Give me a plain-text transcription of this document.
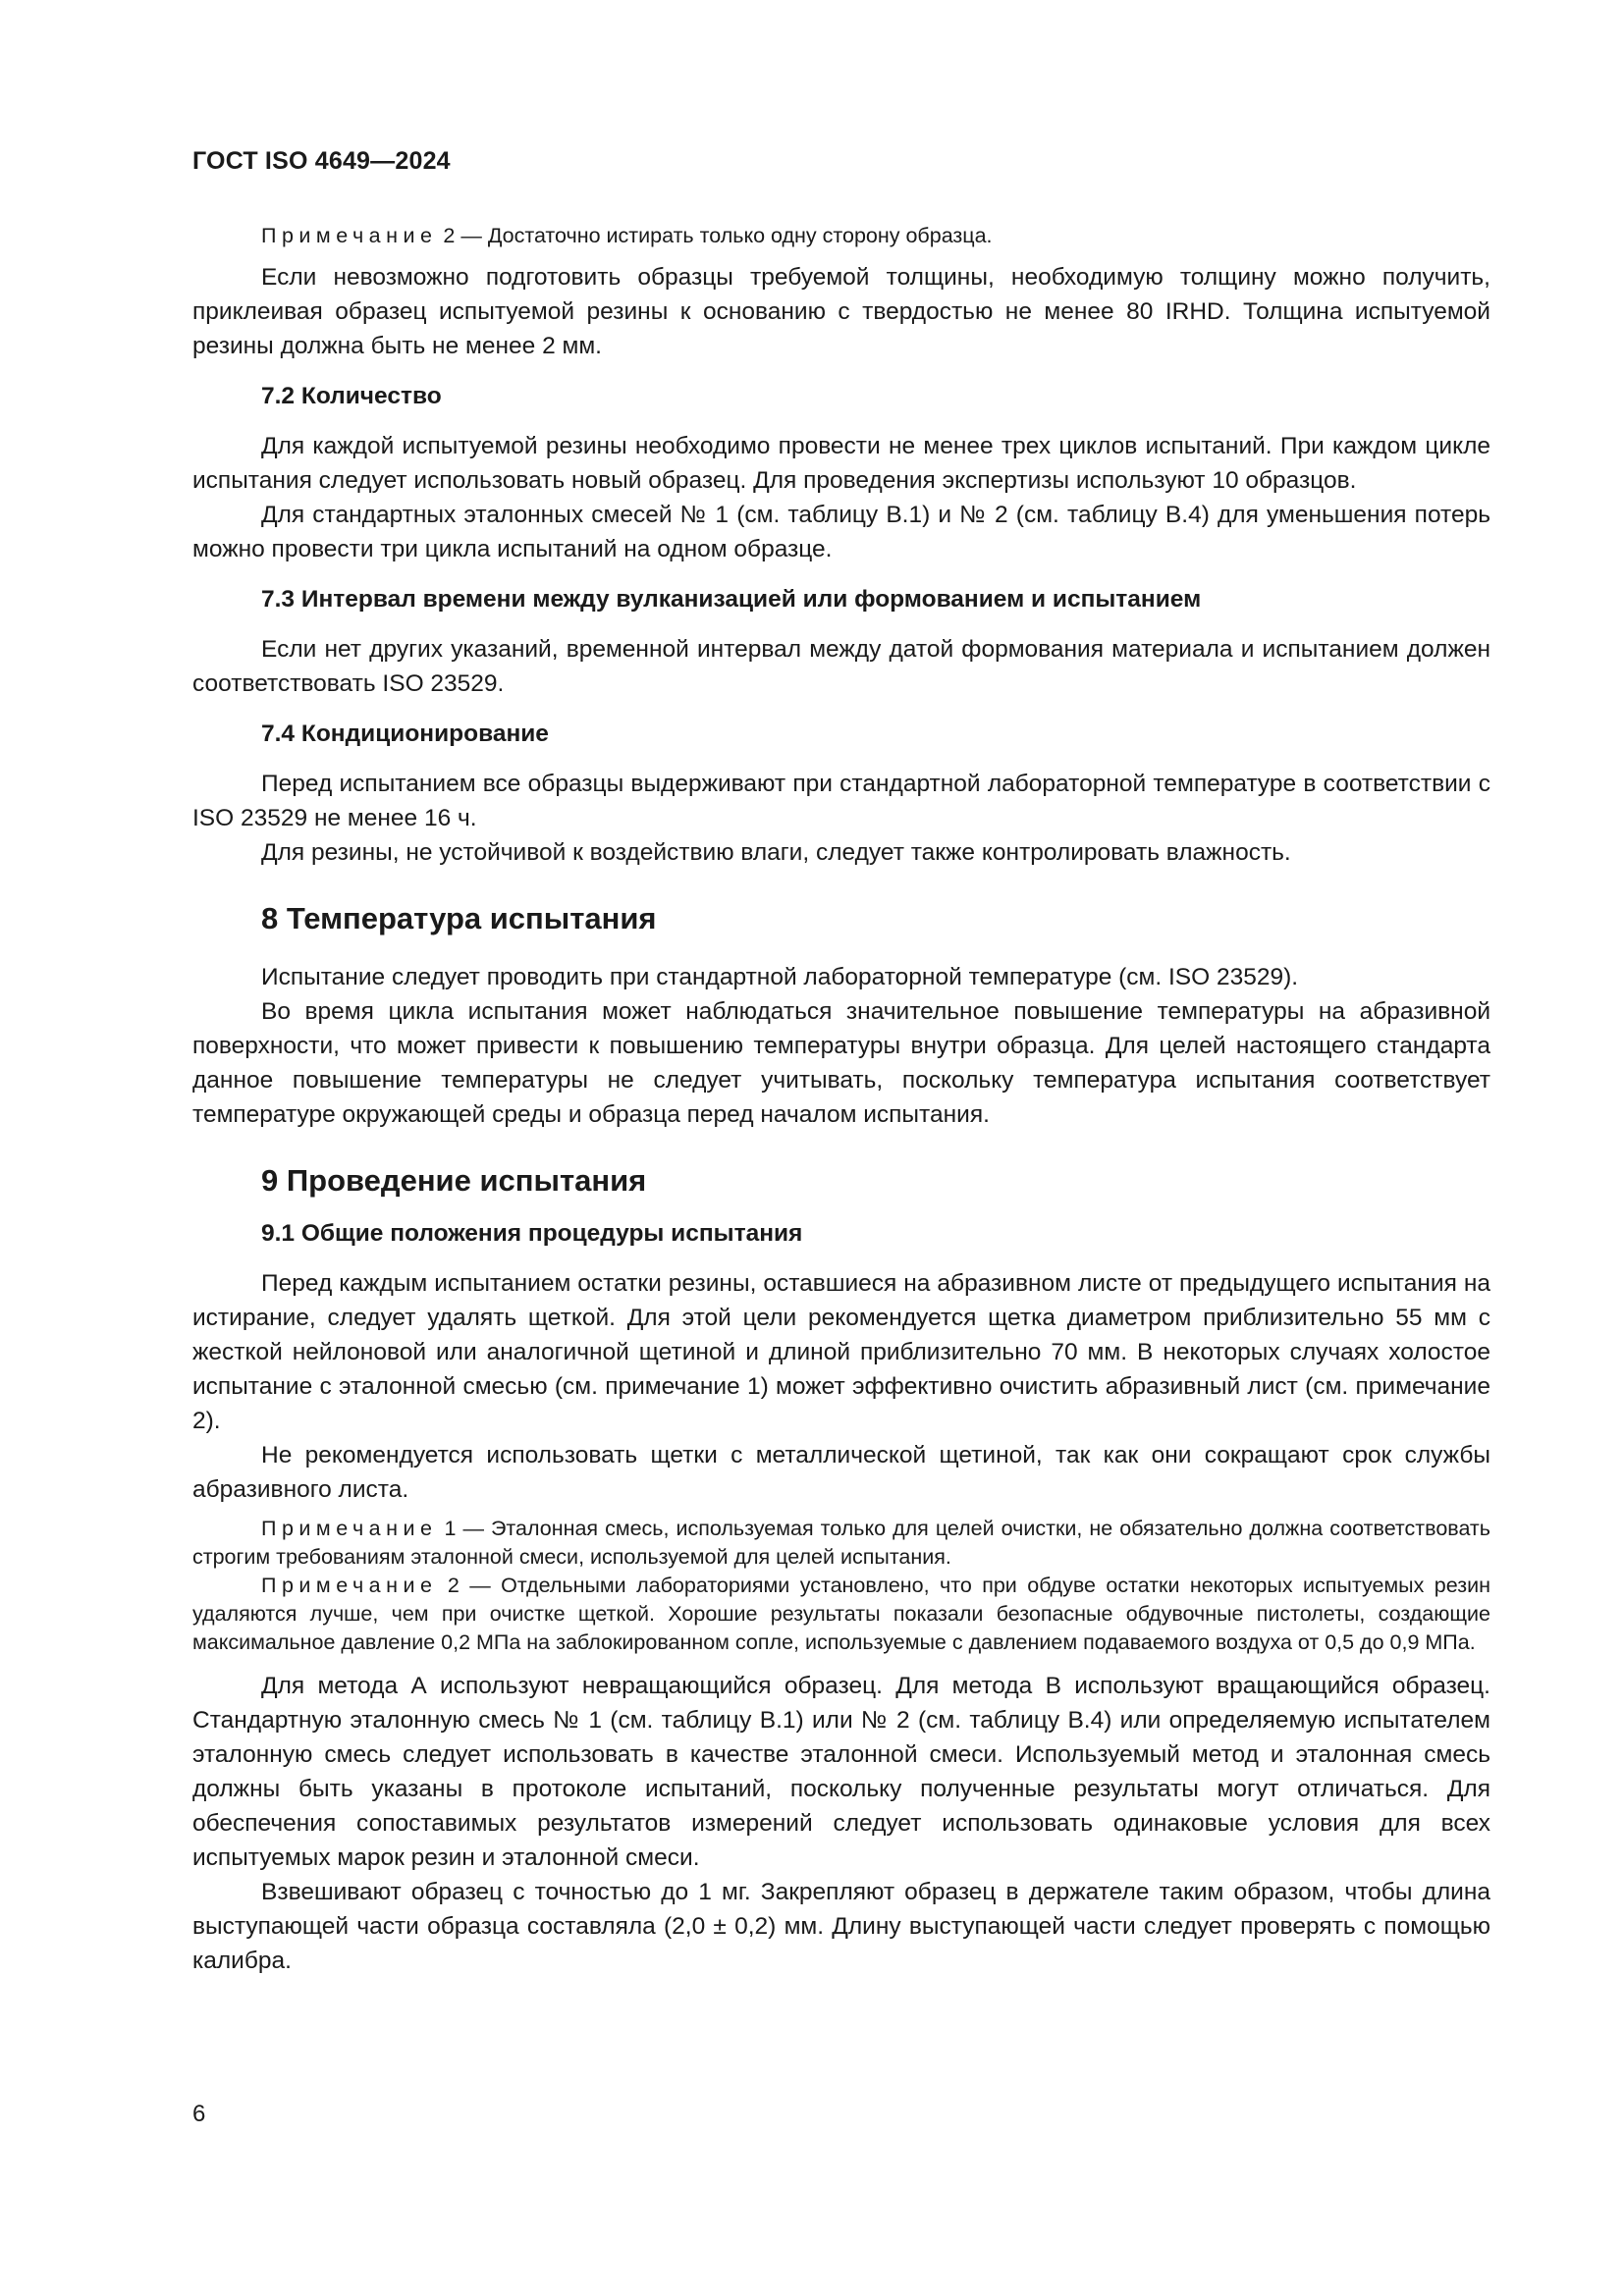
ГОСТ ISO 4649—2024

Примечание 2 — Достаточно истирать только одну сторону образца.

Если невозможно подготовить образцы требуемой толщины, необходимую толщину можно получить, приклеивая образец испытуемой резины к основанию с твердостью не менее 80 IRHD. Толщина испытуемой резины должна быть не менее 2 мм.

7.2 Количество

Для каждой испытуемой резины необходимо провести не менее трех циклов испытаний. При каждом цикле испытания следует использовать новый образец. Для проведения экспертизы используют 10 образцов.

Для стандартных эталонных смесей № 1 (см. таблицу В.1) и № 2 (см. таблицу В.4) для уменьшения потерь можно провести три цикла испытаний на одном образце.

7.3 Интервал времени между вулканизацией или формованием и испытанием

Если нет других указаний, временной интервал между датой формования материала и испытанием должен соответствовать ISO 23529.

7.4 Кондиционирование

Перед испытанием все образцы выдерживают при стандартной лабораторной температуре в соответствии с ISO 23529 не менее 16 ч.

Для резины, не устойчивой к воздействию влаги, следует также контролировать влажность.

8 Температура испытания

Испытание следует проводить при стандартной лабораторной температуре (см. ISO 23529).

Во время цикла испытания может наблюдаться значительное повышение температуры на абразивной поверхности, что может привести к повышению температуры внутри образца. Для целей настоящего стандарта данное повышение температуры не следует учитывать, поскольку температура испытания соответствует температуре окружающей среды и образца перед началом испытания.

9 Проведение испытания

9.1 Общие положения процедуры испытания

Перед каждым испытанием остатки резины, оставшиеся на абразивном листе от предыдущего испытания на истирание, следует удалять щеткой. Для этой цели рекомендуется щетка диаметром приблизительно 55 мм с жесткой нейлоновой или аналогичной щетиной и длиной приблизительно 70 мм. В некоторых случаях холостое испытание с эталонной смесью (см. примечание 1) может эффективно очистить абразивный лист (см. примечание 2).

Не рекомендуется использовать щетки с металлической щетиной, так как они сокращают срок службы абразивного листа.

Примечание 1 — Эталонная смесь, используемая только для целей очистки, не обязательно должна соответствовать строгим требованиям эталонной смеси, используемой для целей испытания.

Примечание 2 — Отдельными лабораториями установлено, что при обдуве остатки некоторых испытуемых резин удаляются лучше, чем при очистке щеткой. Хорошие результаты показали безопасные обдувочные пистолеты, создающие максимальное давление 0,2 МПа на заблокированном сопле, используемые с давлением подаваемого воздуха от 0,5 до 0,9 МПа.

Для метода А используют невращающийся образец. Для метода В используют вращающийся образец. Стандартную эталонную смесь № 1 (см. таблицу В.1) или № 2 (см. таблицу В.4) или определяемую испытателем эталонную смесь следует использовать в качестве эталонной смеси. Используемый метод и эталонная смесь должны быть указаны в протоколе испытаний, поскольку полученные результаты могут отличаться. Для обеспечения сопоставимых результатов измерений следует использовать одинаковые условия для всех испытуемых марок резин и эталонной смеси.

Взвешивают образец с точностью до 1 мг. Закрепляют образец в держателе таким образом, чтобы длина выступающей части образца составляла (2,0 ± 0,2) мм. Длину выступающей части следует проверять с помощью калибра.

6
